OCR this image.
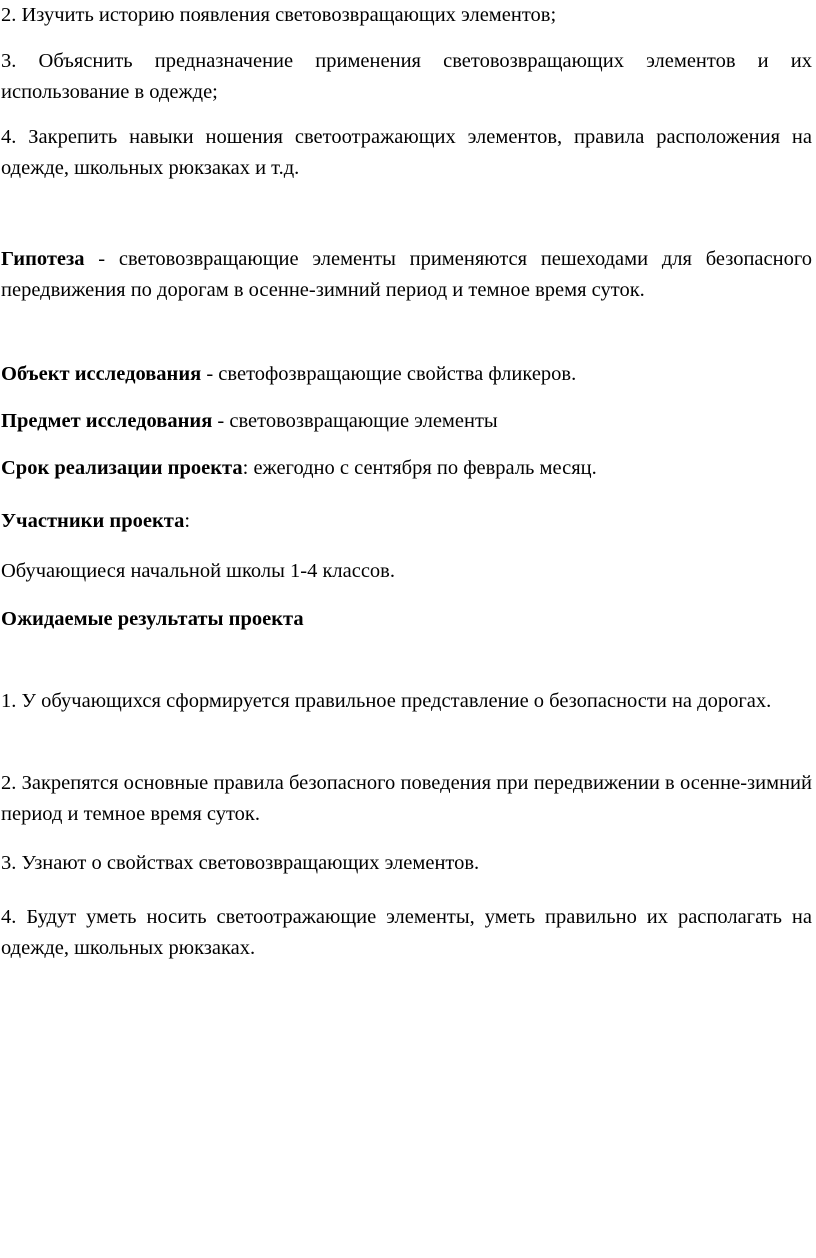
2. Изучить историю появления световозвращающих элементов;

3. Объяснить предназначение применения световозвращающих элементов и их использование в одежде;

4. Закрепить навыки ношения светоотражающих элементов, правила расположения на одежде, школьных рюкзаках и т.д.

Гипотеза - световозвращающие элементы применяются пешеходами для безопасного передвижения по дорогам в осенне-зимний период и темное время суток.

Объект исследования - светофозвращающие свойства фликеров.

Предмет исследования - световозвращающие элементы

Срок реализации проекта: ежегодно с сентября по февраль месяц.

Участники проекта:

Обучающиеся начальной школы 1-4 классов.

Ожидаемые результаты проекта

1. У обучающихся сформируется правильное представление о безопасности на дорогах.

2. Закрепятся основные правила безопасного поведения при передвижении в осенне-зимний период и темное время суток.

3. Узнают о свойствах световозвращающих элементов.

4. Будут уметь носить светоотражающие элементы, уметь правильно их располагать на одежде, школьных рюкзаках.
